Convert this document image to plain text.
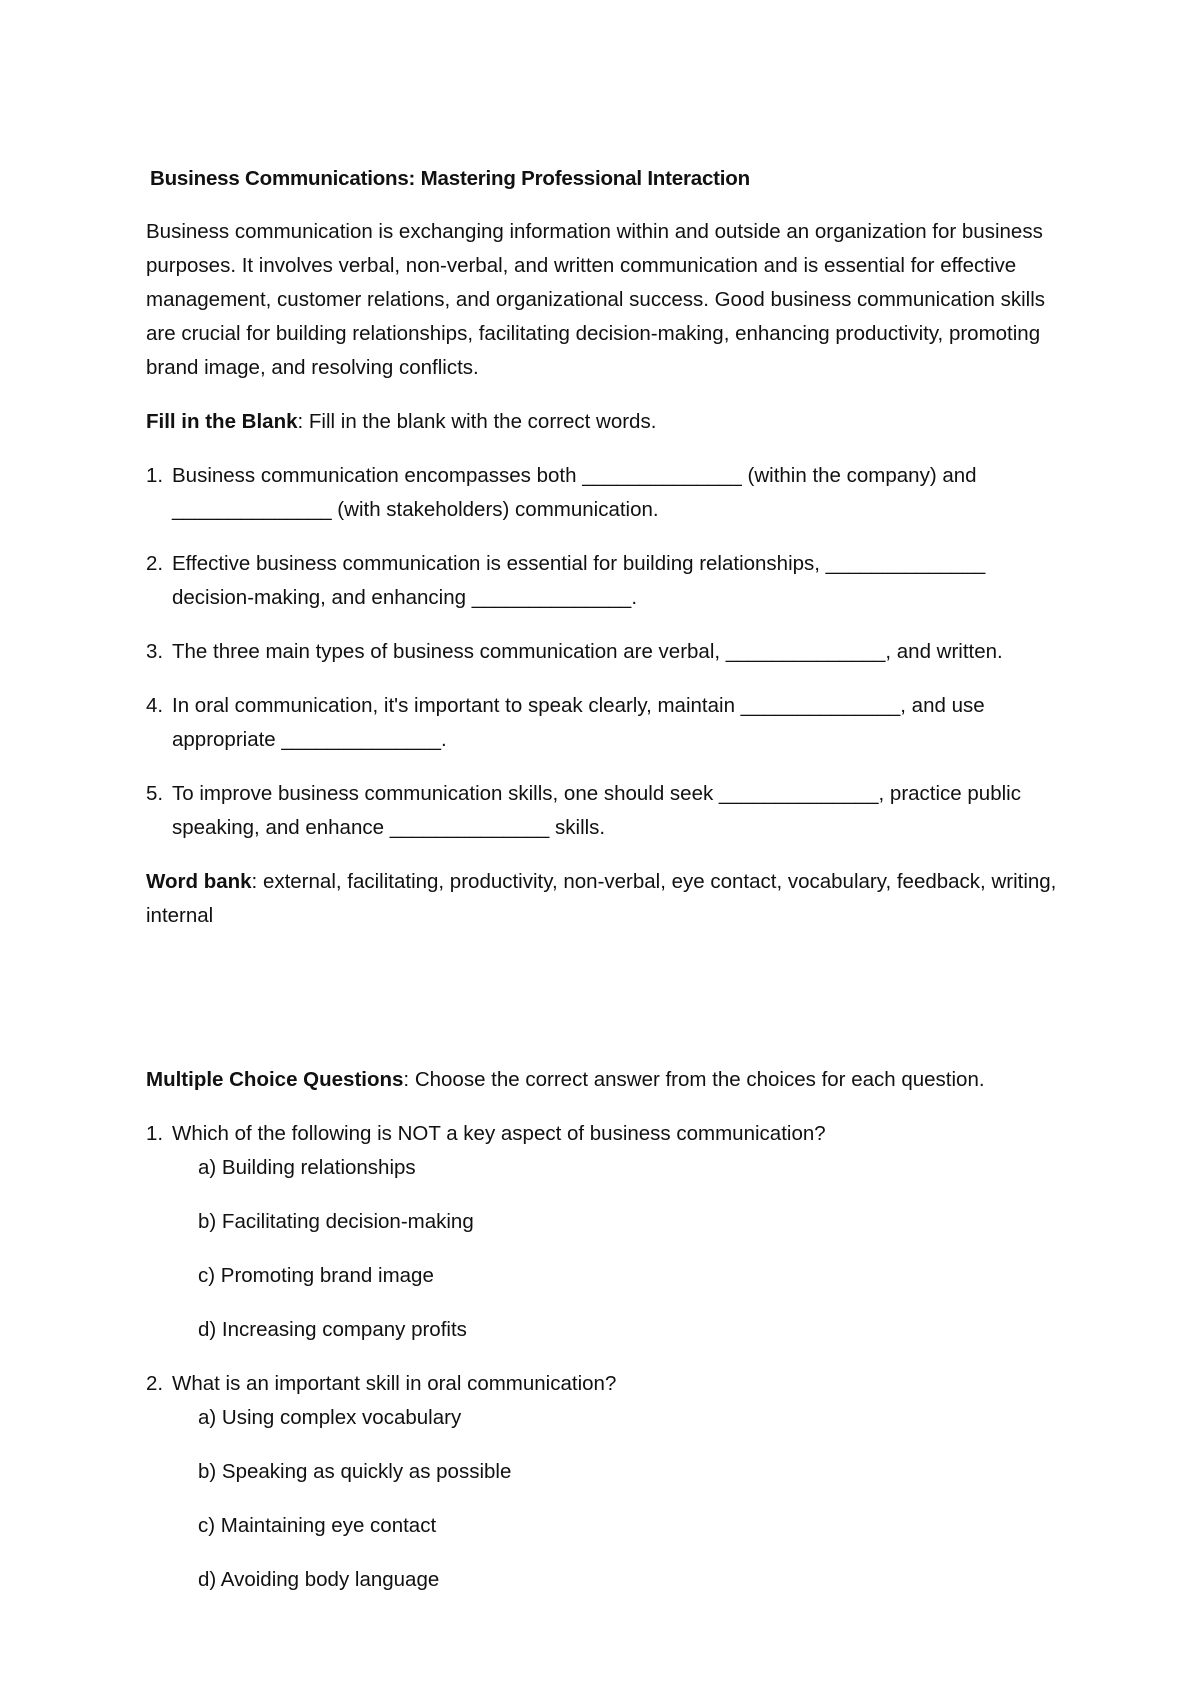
Business Communications: Mastering Professional Interaction

Business communication is exchanging information within and outside an organization for business purposes. It involves verbal, non-verbal, and written communication and is essential for effective management, customer relations, and organizational success. Good business communication skills are crucial for building relationships, facilitating decision-making, enhancing productivity, promoting brand image, and resolving conflicts.

Fill in the Blank: Fill in the blank with the correct words.

1. Business communication encompasses both ______________ (within the company) and ______________ (with stakeholders) communication.
2. Effective business communication is essential for building relationships, ______________ decision-making, and enhancing ______________.
3. The three main types of business communication are verbal, ______________, and written.
4. In oral communication, it's important to speak clearly, maintain ______________, and use appropriate ______________.
5. To improve business communication skills, one should seek ______________, practice public speaking, and enhance ______________ skills.

Word bank: external, facilitating, productivity, non-verbal, eye contact, vocabulary, feedback, writing, internal

Multiple Choice Questions: Choose the correct answer from the choices for each question.

1. Which of the following is NOT a key aspect of business communication?
a) Building relationships
b) Facilitating decision-making
c) Promoting brand image
d) Increasing company profits
2. What is an important skill in oral communication?
a) Using complex vocabulary
b) Speaking as quickly as possible
c) Maintaining eye contact
d) Avoiding body language
